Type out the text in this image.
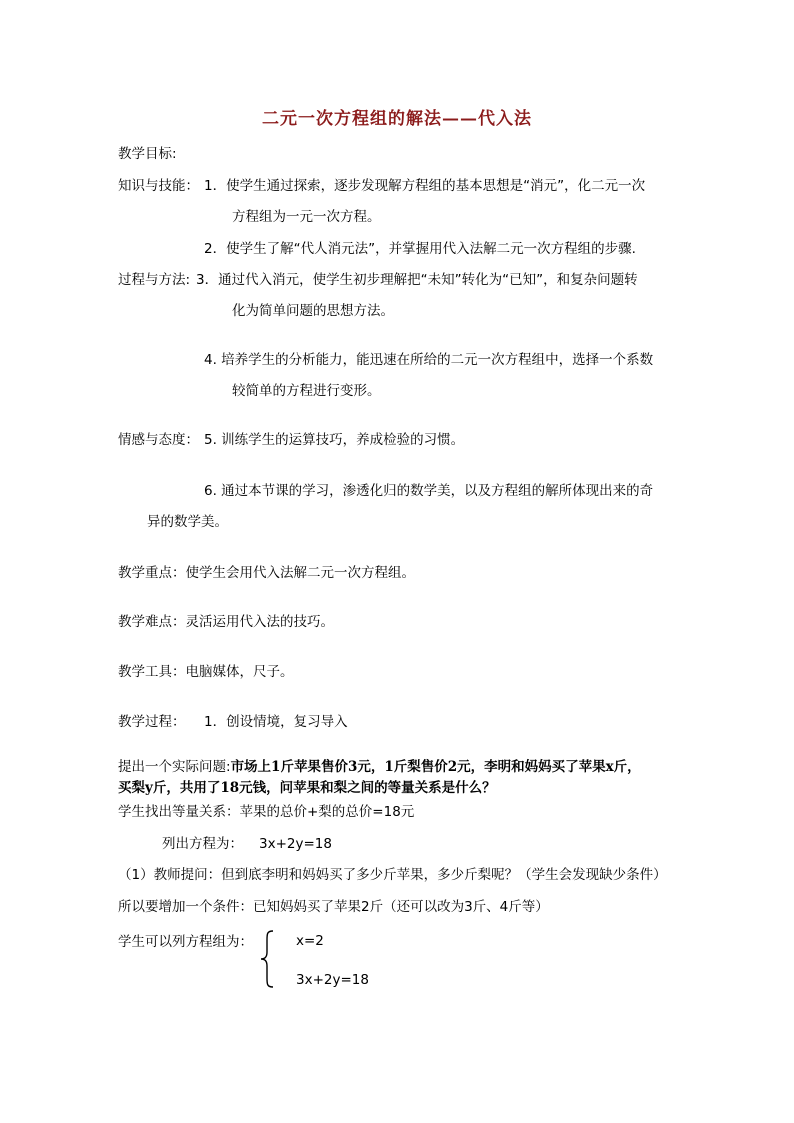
二元一次方程组的解法——代入法
教学目标:
知识与技能： 1．使学生通过探索，逐步发现解方程组的基本思想是“消元”，化二元一次
方程组为一元一次方程。
2．使学生了解“代人消元法”，并掌握用代入法解二元一次方程组的步骤.
过程与方法: 3．通过代入消元，使学生初步理解把“未知”转化为“已知”，和复杂问题转
化为简单问题的思想方法。
4. 培养学生的分析能力，能迅速在所给的二元一次方程组中，选择一个系数
较简单的方程进行变形。
情感与态度： 5. 训练学生的运算技巧，养成检验的习惯。
6. 通过本节课的学习，渗透化归的数学美，以及方程组的解所体现出来的奇
异的数学美。
教学重点：使学生会用代入法解二元一次方程组。
教学难点：灵活运用代入法的技巧。
教学工具：电脑媒体，尺子。
教学过程： 1．创设情境，复习导入
提出一个实际问题:市场上1斤苹果售价3元，1斤梨售价2元，李明和妈妈买了苹果x斤，
买梨y斤，共用了18元钱，问苹果和梨之间的等量关系是什么？
学生找出等量关系：苹果的总价+梨的总价=18元
列出方程为： 3x+2y=18
（1）教师提问：但到底李明和妈妈买了多少斤苹果，多少斤梨呢？（学生会发现缺少条件）
所以要增加一个条件：已知妈妈买了苹果2斤（还可以改为3斤、4斤等）
学生可以列方程组为：	x=2
3x+2y=18
